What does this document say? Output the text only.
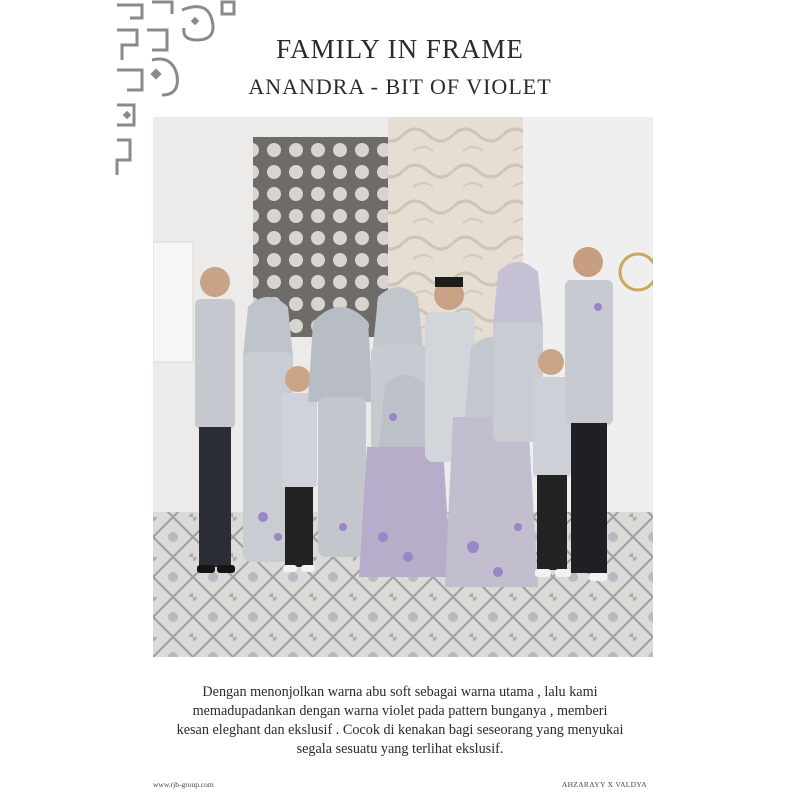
FAMILY IN FRAME
ANANDRA - BIT OF VIOLET
Dengan menonjolkan warna abu soft sebagai warna utama , lalu kami
memadupadankan dengan warna violet pada pattern bunganya , memberi
kesan eleghant dan ekslusif . Cocok di kenakan bagi seseorang yang menyukai
segala sesuatu yang terlihat ekslusif.
www.rjb-group.com	AHZARAYY X VALDYA
